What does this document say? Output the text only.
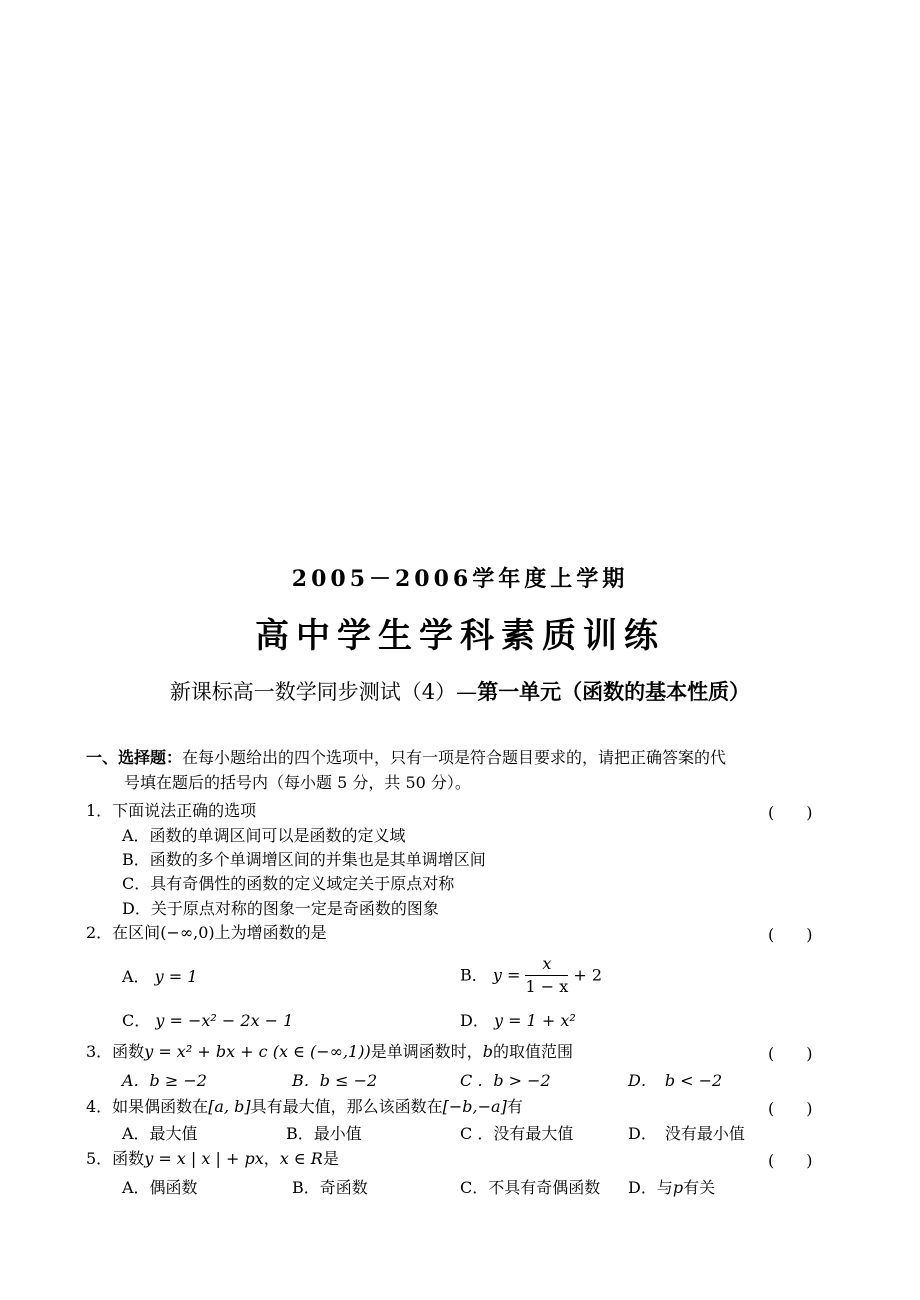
2005－2006学年度上学期
高中学生学科素质训练
新课标高一数学同步测试（4）—第一单元（函数的基本性质）
一、选择题：在每小题给出的四个选项中，只有一项是符合题目要求的，请把正确答案的代
号填在题后的括号内（每小题 5 分，共 50 分）。
1．下面说法正确的选项	(　　)
A．函数的单调区间可以是函数的定义域
B．函数的多个单调增区间的并集也是其单调增区间
C．具有奇偶性的函数的定义域定关于原点对称
D．关于原点对称的图象一定是奇函数的图象
2．在区间(−∞,0)上为增函数的是	(　　)
A． y = 1	B． $y = \frac{x}{1 - x} + 2$
C． y = −x² − 2x − 1	D． y = 1 + x²
3．函数y = x² + bx + c (x ∈ (−∞,1))是单调函数时，b的取值范围	(　　)
A．b ≥ −2	B．b ≤ −2	C ．b > −2	D．　b < −2
4．如果偶函数在[a, b]具有最大值，那么该函数在[−b,−a]有	(　　)
A．最大值	B．最小值	C ．没有最大值	D．　没有最小值
5．函数y = x | x | + px，x ∈ R是	(　　)
A．偶函数	B．奇函数	C．不具有奇偶函数 D．与p有关
